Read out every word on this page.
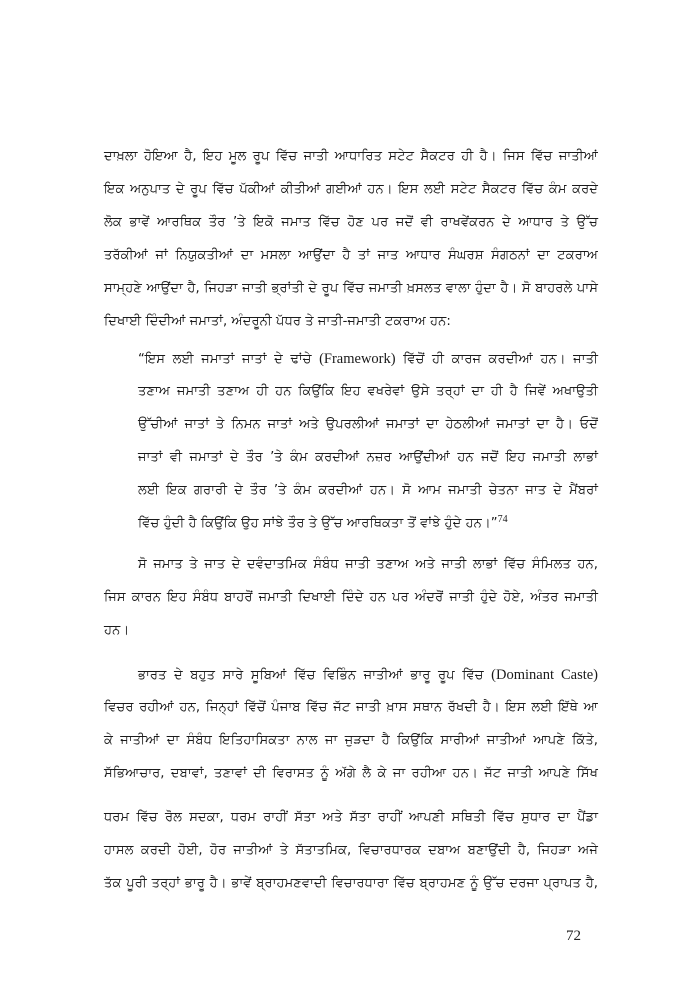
ਦਾਖ਼ਲਾ ਹੋਇਆ ਹੈ, ਇਹ ਮੂਲ ਰੂਪ ਵਿੱਚ ਜਾਤੀ ਆਧਾਰਿਤ ਸਟੇਟ ਸੈਕਟਰ ਹੀ ਹੈ। ਜਿਸ ਵਿੱਚ ਜਾਤੀਆਂ
ਇਕ ਅਨੁਪਾਤ ਦੇ ਰੂਪ ਵਿੱਚ ਪੱਕੀਆਂ ਕੀਤੀਆਂ ਗਈਆਂ ਹਨ। ਇਸ ਲਈ ਸਟੇਟ ਸੈਕਟਰ ਵਿੱਚ ਕੰਮ ਕਰਦੇ
ਲੋਕ ਭਾਵੇਂ ਆਰਥਿਕ ਤੌਰ ’ਤੇ ਇਕੋ ਜਮਾਤ ਵਿੱਚ ਹੋਣ ਪਰ ਜਦੋਂ ਵੀ ਰਾਖਵੇਂਕਰਨ ਦੇ ਆਧਾਰ ਤੇ ਉੱਚ
ਤਰੱਕੀਆਂ ਜਾਂ ਨਿਯੁਕਤੀਆਂ ਦਾ ਮਸਲਾ ਆਉਂਦਾ ਹੈ ਤਾਂ ਜਾਤ ਆਧਾਰ ਸੰਘਰਸ਼ ਸੰਗਠਨਾਂ ਦਾ ਟਕਰਾਅ
ਸਾਮ੍ਹਣੇ ਆਉਂਦਾ ਹੈ, ਜਿਹੜਾ ਜਾਤੀ ਭ੍ਰਾਂਤੀ ਦੇ ਰੂਪ ਵਿੱਚ ਜਮਾਤੀ ਖ਼ਸਲਤ ਵਾਲਾ ਹੁੰਦਾ ਹੈ। ਸੋ ਬਾਹਰਲੇ ਪਾਸੇ
ਦਿਖਾਈ ਦਿੰਦੀਆਂ ਜਮਾਤਾਂ, ਅੰਦਰੂਨੀ ਪੱਧਰ ਤੇ ਜਾਤੀ-ਜਮਾਤੀ ਟਕਰਾਅ ਹਨ:
“ਇਸ ਲਈ ਜਮਾਤਾਂ ਜਾਤਾਂ ਦੇ ਢਾਂਚੇ (Framework) ਵਿੱਚੋਂ ਹੀ ਕਾਰਜ ਕਰਦੀਆਂ ਹਨ। ਜਾਤੀ
ਤਣਾਅ ਜਮਾਤੀ ਤਣਾਅ ਹੀ ਹਨ ਕਿਉਂਕਿ ਇਹ ਵਖਰੇਵਾਂ ਉਸੇ ਤਰ੍ਹਾਂ ਦਾ ਹੀ ਹੈ ਜਿਵੇਂ ਅਖਾਉਤੀ
ਉੱਚੀਆਂ ਜਾਤਾਂ ਤੇ ਨਿਮਨ ਜਾਤਾਂ ਅਤੇ ਉਪਰਲੀਆਂ ਜਮਾਤਾਂ ਦਾ ਹੇਠਲੀਆਂ ਜਮਾਤਾਂ ਦਾ ਹੈ। ਓਦੋਂ
ਜਾਤਾਂ ਵੀ ਜਮਾਤਾਂ ਦੇ ਤੌਰ ’ਤੇ ਕੰਮ ਕਰਦੀਆਂ ਨਜ਼ਰ ਆਉਂਦੀਆਂ ਹਨ ਜਦੋਂ ਇਹ ਜਮਾਤੀ ਲਾਭਾਂ
ਲਈ ਇਕ ਗਰਾਰੀ ਦੇ ਤੌਰ ’ਤੇ ਕੰਮ ਕਰਦੀਆਂ ਹਨ। ਸੋ ਆਮ ਜਮਾਤੀ ਚੇਤਨਾ ਜਾਤ ਦੇ ਮੈਂਬਰਾਂ
ਵਿੱਚ ਹੁੰਦੀ ਹੈ ਕਿਉਂਕਿ ਉਹ ਸਾਂਝੇ ਤੌਰ ਤੇ ਉੱਚ ਆਰਥਿਕਤਾ ਤੋਂ ਵਾਂਝੇ ਹੁੰਦੇ ਹਨ।”$^{74}$
ਸੋ ਜਮਾਤ ਤੇ ਜਾਤ ਦੇ ਦਵੰਦਾਤਮਿਕ ਸੰਬੰਧ ਜਾਤੀ ਤਣਾਅ ਅਤੇ ਜਾਤੀ ਲਾਭਾਂ ਵਿੱਚ ਸੰਮਿਲਤ ਹਨ,
ਜਿਸ ਕਾਰਨ ਇਹ ਸੰਬੰਧ ਬਾਹਰੋਂ ਜਮਾਤੀ ਦਿਖਾਈ ਦਿੰਦੇ ਹਨ ਪਰ ਅੰਦਰੋਂ ਜਾਤੀ ਹੁੰਦੇ ਹੋਏ, ਅੰਤਰ ਜਮਾਤੀ
ਹਨ।
ਭਾਰਤ ਦੇ ਬਹੁਤ ਸਾਰੇ ਸੂਬਿਆਂ ਵਿੱਚ ਵਿਭਿੰਨ ਜਾਤੀਆਂ ਭਾਰੂ ਰੂਪ ਵਿੱਚ (Dominant Caste)
ਵਿਚਰ ਰਹੀਆਂ ਹਨ, ਜਿਨ੍ਹਾਂ ਵਿੱਚੋਂ ਪੰਜਾਬ ਵਿੱਚ ਜੱਟ ਜਾਤੀ ਖ਼ਾਸ ਸਥਾਨ ਰੱਖਦੀ ਹੈ। ਇਸ ਲਈ ਇੱਥੇ ਆ
ਕੇ ਜਾਤੀਆਂ ਦਾ ਸੰਬੰਧ ਇਤਿਹਾਸਿਕਤਾ ਨਾਲ ਜਾ ਜੁੜਦਾ ਹੈ ਕਿਉਂਕਿ ਸਾਰੀਆਂ ਜਾਤੀਆਂ ਆਪਣੇ ਕਿੱਤੇ,
ਸੱਭਿਆਚਾਰ, ਦਬਾਵਾਂ, ਤਣਾਵਾਂ ਦੀ ਵਿਰਾਸਤ ਨੂੰ ਅੱਗੇ ਲੈ ਕੇ ਜਾ ਰਹੀਆ ਹਨ। ਜੱਟ ਜਾਤੀ ਆਪਣੇ ਸਿੱਖ
ਧਰਮ ਵਿੱਚ ਰੋਲ ਸਦਕਾ, ਧਰਮ ਰਾਹੀਂ ਸੱਤਾ ਅਤੇ ਸੱਤਾ ਰਾਹੀਂ ਆਪਣੀ ਸਥਿਤੀ ਵਿੱਚ ਸੁਧਾਰ ਦਾ ਪੈਂਡਾ
ਹਾਸਲ ਕਰਦੀ ਹੋਈ, ਹੋਰ ਜਾਤੀਆਂ ਤੇ ਸੱਤਾਤਮਿਕ, ਵਿਚਾਰਧਾਰਕ ਦਬਾਅ ਬਣਾਉਂਦੀ ਹੈ, ਜਿਹੜਾ ਅਜੇ
ਤੱਕ ਪੂਰੀ ਤਰ੍ਹਾਂ ਭਾਰੂ ਹੈ। ਭਾਵੇਂ ਬ੍ਰਾਹਮਣਵਾਦੀ ਵਿਚਾਰਧਾਰਾ ਵਿੱਚ ਬ੍ਰਾਹਮਣ ਨੂੰ ਉੱਚ ਦਰਜਾ ਪ੍ਰਾਪਤ ਹੈ,
72
